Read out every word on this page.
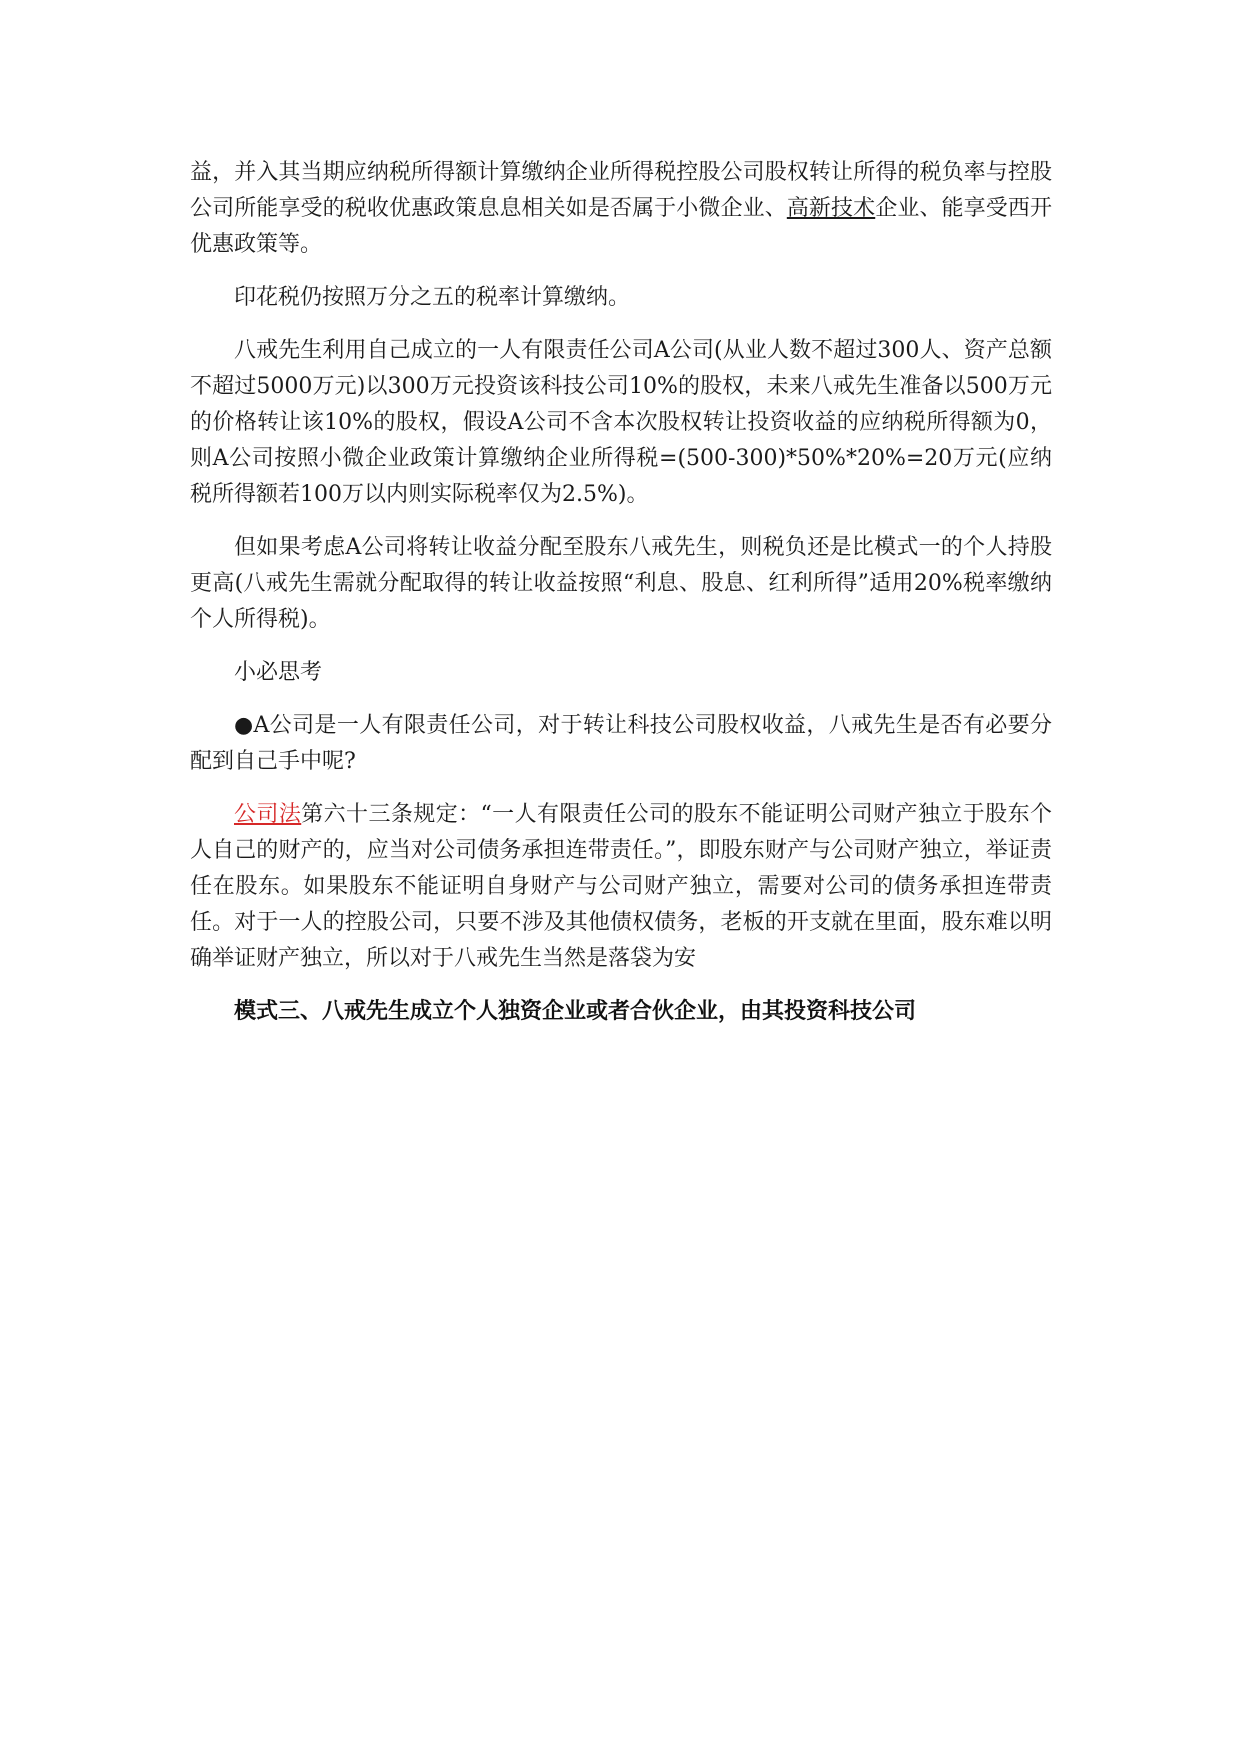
益，并入其当期应纳税所得额计算缴纳企业所得税控股公司股权转让所得的税负率与控股公司所能享受的税收优惠政策息息相关如是否属于小微企业、高新技术企业、能享受西开优惠政策等。

印花税仍按照万分之五的税率计算缴纳。

八戒先生利用自己成立的一人有限责任公司A公司(从业人数不超过300人、资产总额不超过5000万元)以300万元投资该科技公司10%的股权，未来八戒先生准备以500万元的价格转让该10%的股权，假设A公司不含本次股权转让投资收益的应纳税所得额为0，则A公司按照小微企业政策计算缴纳企业所得税=(500-300)*50%*20%=20万元(应纳税所得额若100万以内则实际税率仅为2.5%)。

但如果考虑A公司将转让收益分配至股东八戒先生，则税负还是比模式一的个人持股更高(八戒先生需就分配取得的转让收益按照“利息、股息、红利所得”适用20%税率缴纳个人所得税)。

小必思考

●A公司是一人有限责任公司，对于转让科技公司股权收益，八戒先生是否有必要分配到自己手中呢?

公司法第六十三条规定：“一人有限责任公司的股东不能证明公司财产独立于股东个人自己的财产的，应当对公司债务承担连带责任。”，即股东财产与公司财产独立，举证责任在股东。如果股东不能证明自身财产与公司财产独立，需要对公司的债务承担连带责任。对于一人的控股公司，只要不涉及其他债权债务，老板的开支就在里面，股东难以明确举证财产独立，所以对于八戒先生当然是落袋为安

模式三、八戒先生成立个人独资企业或者合伙企业，由其投资科技公司
